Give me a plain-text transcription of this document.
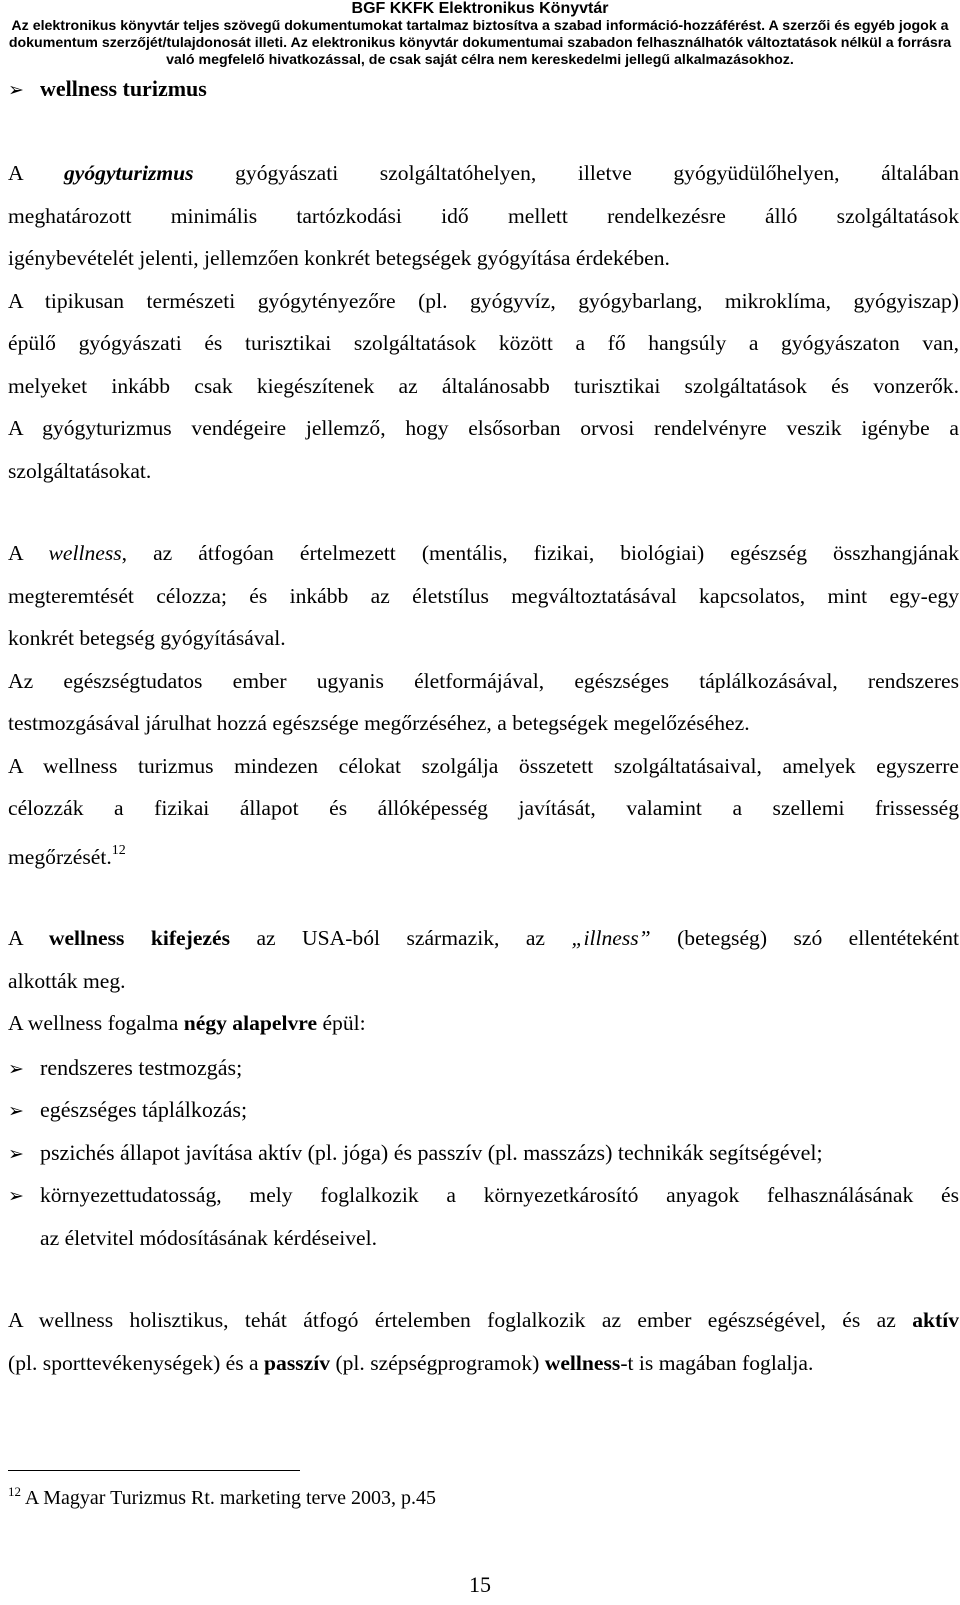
BGF KKFK Elektronikus Könyvtár
Az elektronikus könyvtár teljes szövegű dokumentumokat tartalmaz biztosítva a szabad információ-hozzáférést. A szerzői és egyéb jogok a
dokumentum szerzőjét/tulajdonosát illeti. Az elektronikus könyvtár dokumentumai szabadon felhasználhatók változtatások nélkül a forrásra
való megfelelő hivatkozással, de csak saját célra nem kereskedelmi jellegű alkalmazásokhoz.
➢ wellness turizmus
A gyógyturizmus gyógyászati szolgáltatóhelyen, illetve gyógyüdülőhelyen, általában
meghatározott minimális tartózkodási idő mellett rendelkezésre álló szolgáltatások
igénybevételét jelenti, jellemzően konkrét betegségek gyógyítása érdekében.
A tipikusan természeti gyógytényezőre (pl. gyógyvíz, gyógybarlang, mikroklíma, gyógyiszap)
épülő gyógyászati és turisztikai szolgáltatások között a fő hangsúly a gyógyászaton van,
melyeket inkább csak kiegészítenek az általánosabb turisztikai szolgáltatások és vonzerők.
A gyógyturizmus vendégeire jellemző, hogy elsősorban orvosi rendelvényre veszik igénybe a
szolgáltatásokat.
A wellness, az átfogóan értelmezett (mentális, fizikai, biológiai) egészség összhangjának
megteremtését célozza; és inkább az életstílus megváltoztatásával kapcsolatos, mint egy-egy
konkrét betegség gyógyításával.
Az egészségtudatos ember ugyanis életformájával, egészséges táplálkozásával, rendszeres
testmozgásával járulhat hozzá egészsége megőrzéséhez, a betegségek megelőzéséhez.
A wellness turizmus mindezen célokat szolgálja összetett szolgáltatásaival, amelyek egyszerre
célozzák a fizikai állapot és állóképesség javítását, valamint a szellemi frissesség
megőrzését.$^{12}$
A wellness kifejezés az USA-ból származik, az „illness” (betegség) szó ellentéteként
alkották meg.
A wellness fogalma négy alapelvre épül:
➢ rendszeres testmozgás;
➢ egészséges táplálkozás;
➢ pszichés állapot javítása aktív (pl. jóga) és passzív (pl. masszázs) technikák segítségével;
környezettudatosság, mely foglalkozik a környezetkárosító anyagok felhasználásának és
az életvitel módosításának kérdéseivel.
➢
A wellness holisztikus, tehát átfogó értelemben foglalkozik az ember egészségével, és az aktív
(pl. sporttevékenységek) és a passzív (pl. szépségprogramok) wellness-t is magában foglalja.
$^{12}$ A Magyar Turizmus Rt. marketing terve 2003, p.45
15
